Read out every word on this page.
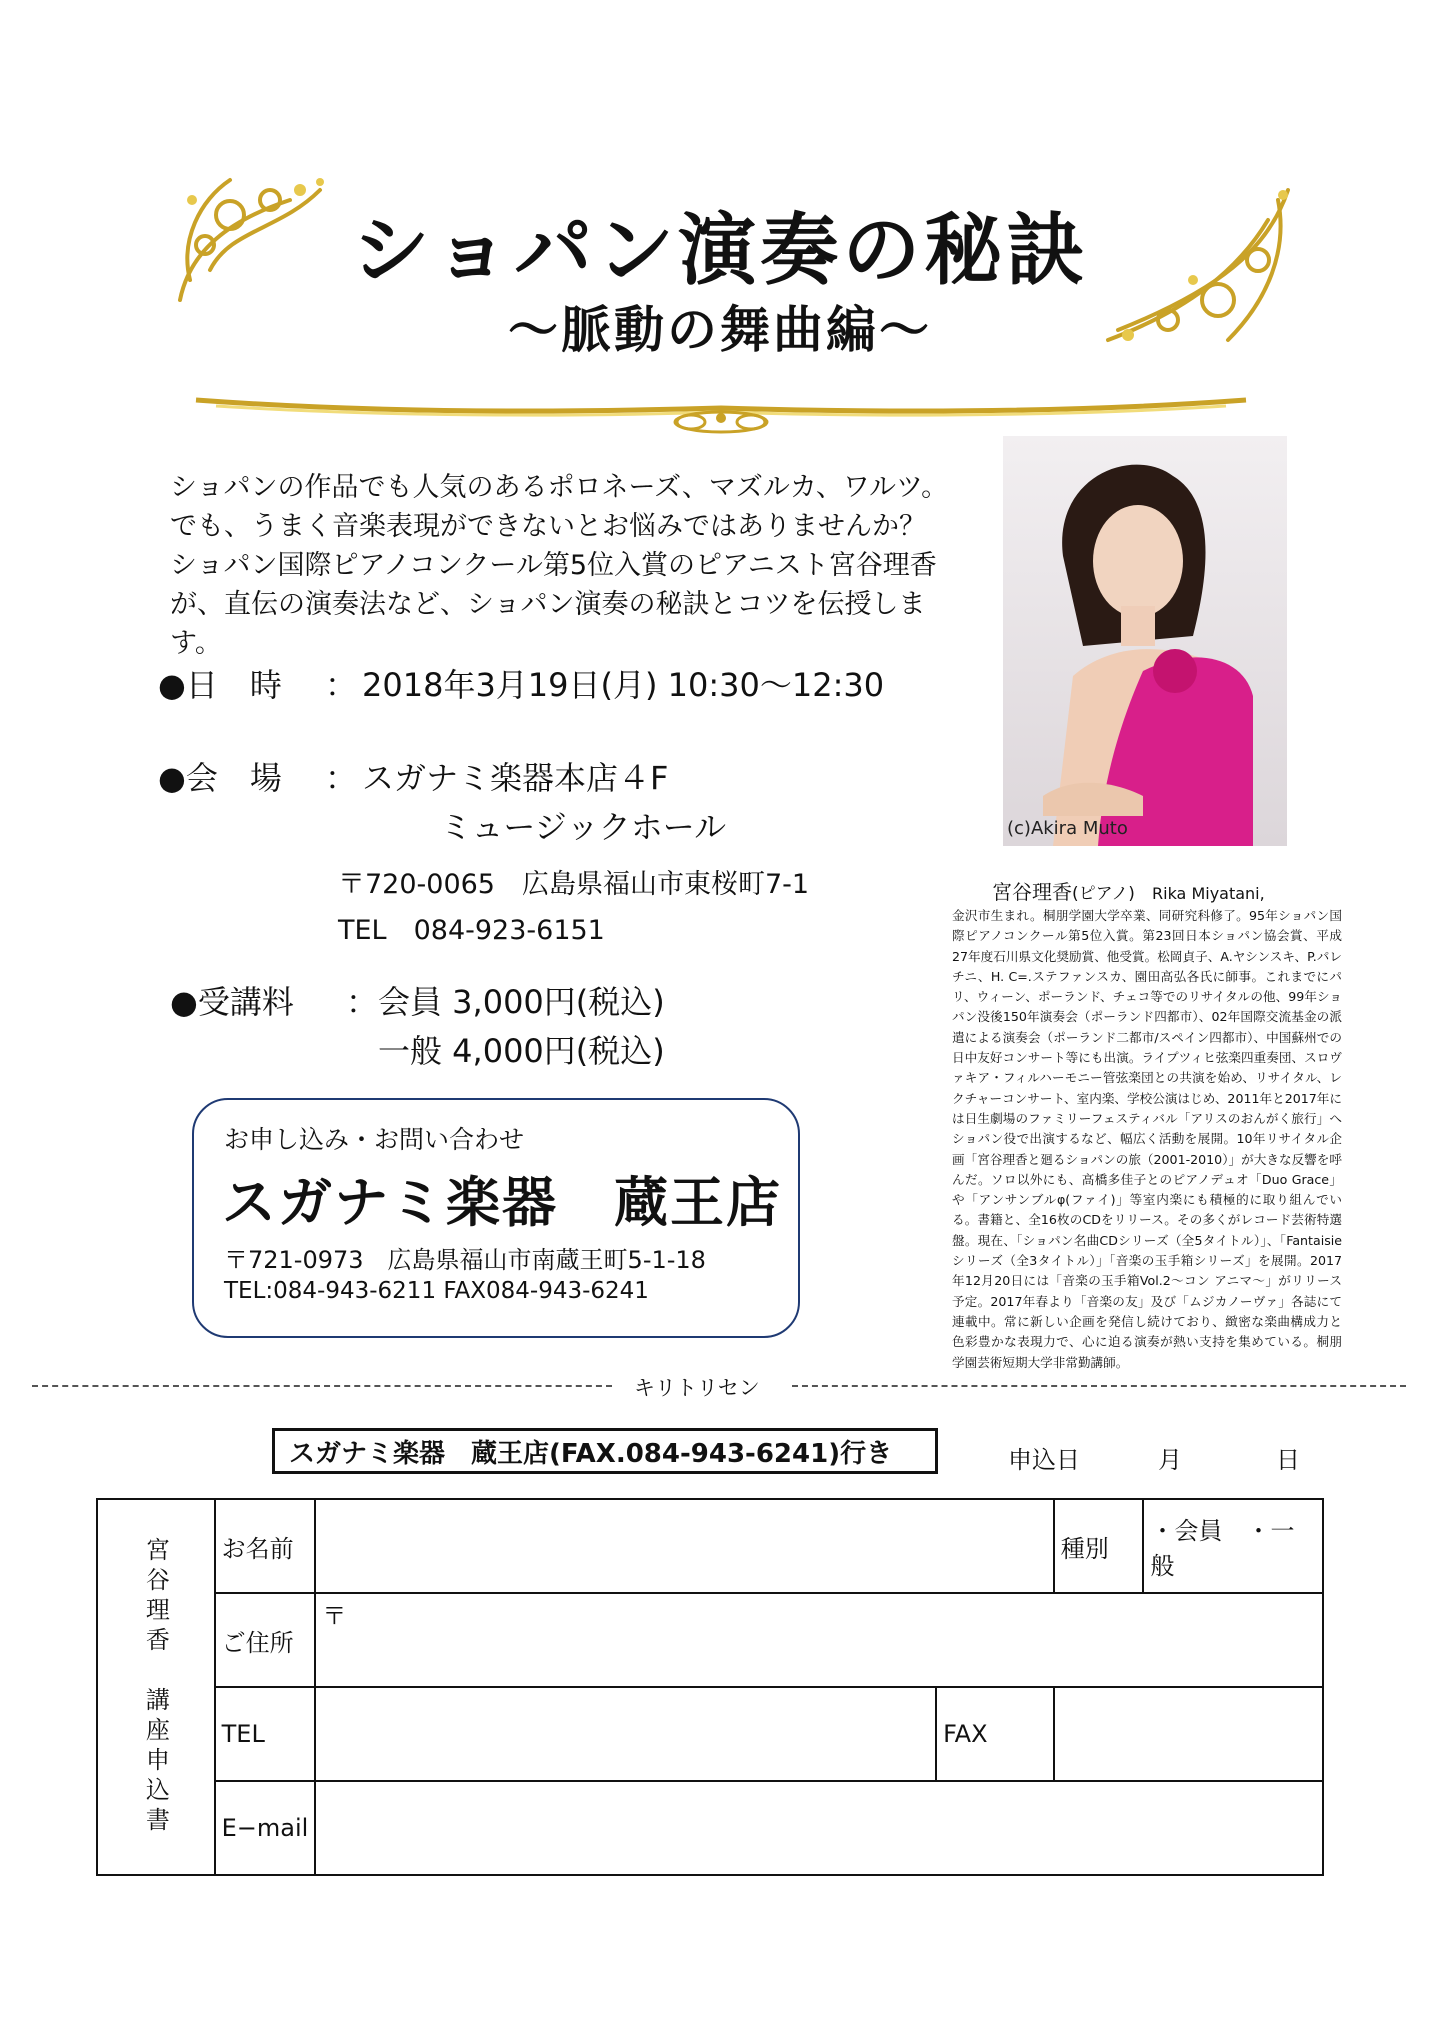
ショパン演奏の秘訣
～脈動の舞曲編～
ショパンの作品でも人気のあるポロネーズ、マズルカ、ワルツ。
でも、うまく音楽表現ができないとお悩みではありませんか？
ショパン国際ピアノコンクール第5位入賞のピアニスト宮谷理香
が、直伝の演奏法など、ショパン演奏の秘訣とコツを伝授します。
●日　時 ： 2018年3月19日(月) 10:30～12:30
●会　場 ： スガナミ楽器本店４F
ミュージックホール
〒720-0065　広島県福山市東桜町7-1
TEL　084-923-6151
●受講料 ： 会員 3,000円(税込)
一般 4,000円(税込)
お申し込み・お問い合わせ
スガナミ楽器　蔵王店
〒721-0973　広島県福山市南蔵王町5-1-18
TEL:084-943-6211 FAX084-943-6241
(c)Akira Muto
宮谷理香(ピアノ) Rika Miyatani,
金沢市生まれ。桐朋学園大学卒業、同研究科修了。95年ショパン国際ピアノコンクール第5位入賞。第23回日本ショパン協会賞、平成27年度石川県文化奨励賞、他受賞。松岡貞子、A.ヤシンスキ、P.パレチニ、H. C=.ステファンスカ、園田高弘各氏に師事。これまでにパリ、ウィーン、ポーランド、チェコ等でのリサイタルの他、99年ショパン没後150年演奏会（ポーランド四都市）、02年国際交流基金の派遣による演奏会（ポーランド二都市/スペイン四都市）、中国蘇州での日中友好コンサート等にも出演。ライプツィヒ弦楽四重奏団、スロヴァキア・フィルハーモニー管弦楽団との共演を始め、リサイタル、レクチャーコンサート、室内楽、学校公演はじめ、2011年と2017年には日生劇場のファミリーフェスティバル「アリスのおんがく旅行」へショパン役で出演するなど、幅広く活動を展開。10年リサイタル企画「宮谷理香と廻るショパンの旅（2001-2010）」が大きな反響を呼んだ。ソロ以外にも、高橋多佳子とのピアノデュオ「Duo Grace」や「アンサンブルφ(ファイ)」等室内楽にも積極的に取り組んでいる。書籍と、全16枚のCDをリリース。その多くがレコード芸術特選盤。現在、「ショパン名曲CDシリーズ（全5タイトル）」、「Fantaisieシリーズ（全3タイトル）」「音楽の玉手箱シリーズ」を展開。2017年12月20日には「音楽の玉手箱Vol.2～コン アニマ～」がリリース予定。2017年春より「音楽の友」及び「ムジカノーヴァ」各誌にて連載中。常に新しい企画を発信し続けており、緻密な楽曲構成力と色彩豊かな表現力で、心に迫る演奏が熱い支持を集めている。桐朋学園芸術短期大学非常勤講師。
キリトリセン
スガナミ楽器　蔵王店(FAX.084-943-6241)行き	申込日	月	日
宮谷理香　講座申込書	お名前			種別	・会員　・一般
	ご住所	〒			
	TEL		FAX		
	E−mail				
